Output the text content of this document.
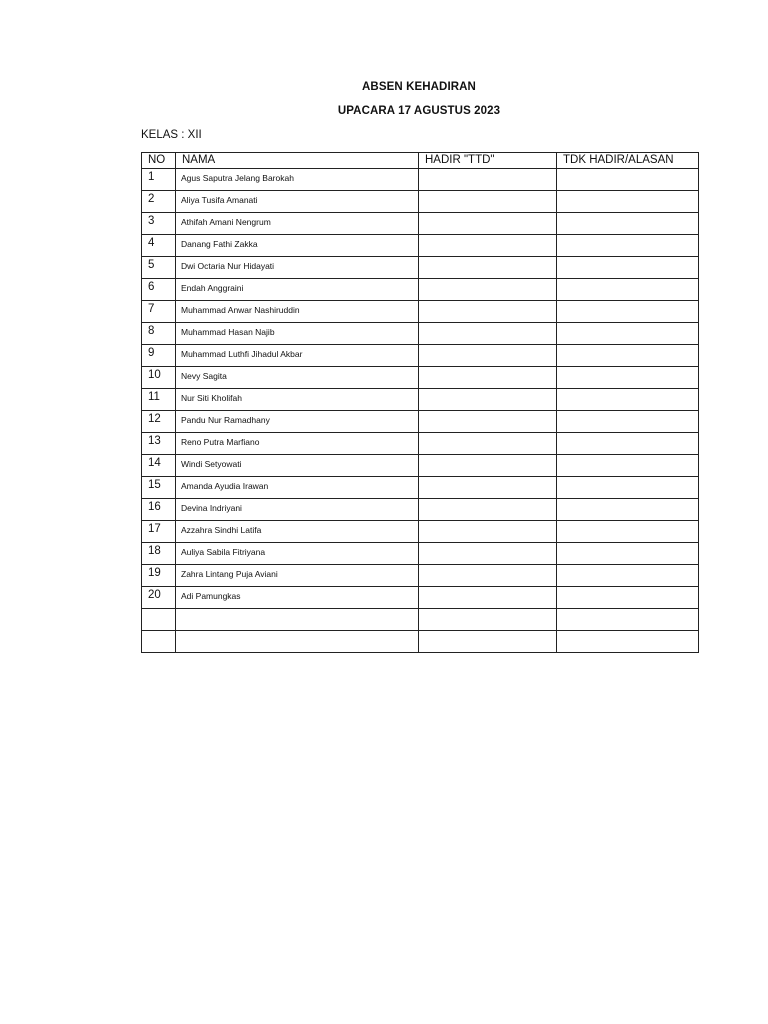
ABSEN KEHADIRAN
UPACARA 17 AGUSTUS 2023
KELAS : XII
NO	NAMA	HADIR "TTD"	TDK HADIR/ALASAN
1	Agus Saputra Jelang Barokah		
2	Aliya Tusifa Amanati		
3	Athifah Amani Nengrum		
4	Danang Fathi Zakka		
5	Dwi Octaria Nur Hidayati		
6	Endah Anggraini		
7	Muhammad Anwar Nashiruddin		
8	Muhammad Hasan Najib		
9	Muhammad Luthfi Jihadul Akbar		
10	Nevy Sagita		
11	Nur Siti Kholifah		
12	Pandu Nur Ramadhany		
13	Reno Putra Marfiano		
14	Windi Setyowati		
15	Amanda Ayudia Irawan		
16	Devina Indriyani		
17	Azzahra Sindhi Latifa		
18	Auliya Sabila Fitriyana		
19	Zahra Lintang Puja Aviani		
20	Adi Pamungkas		
